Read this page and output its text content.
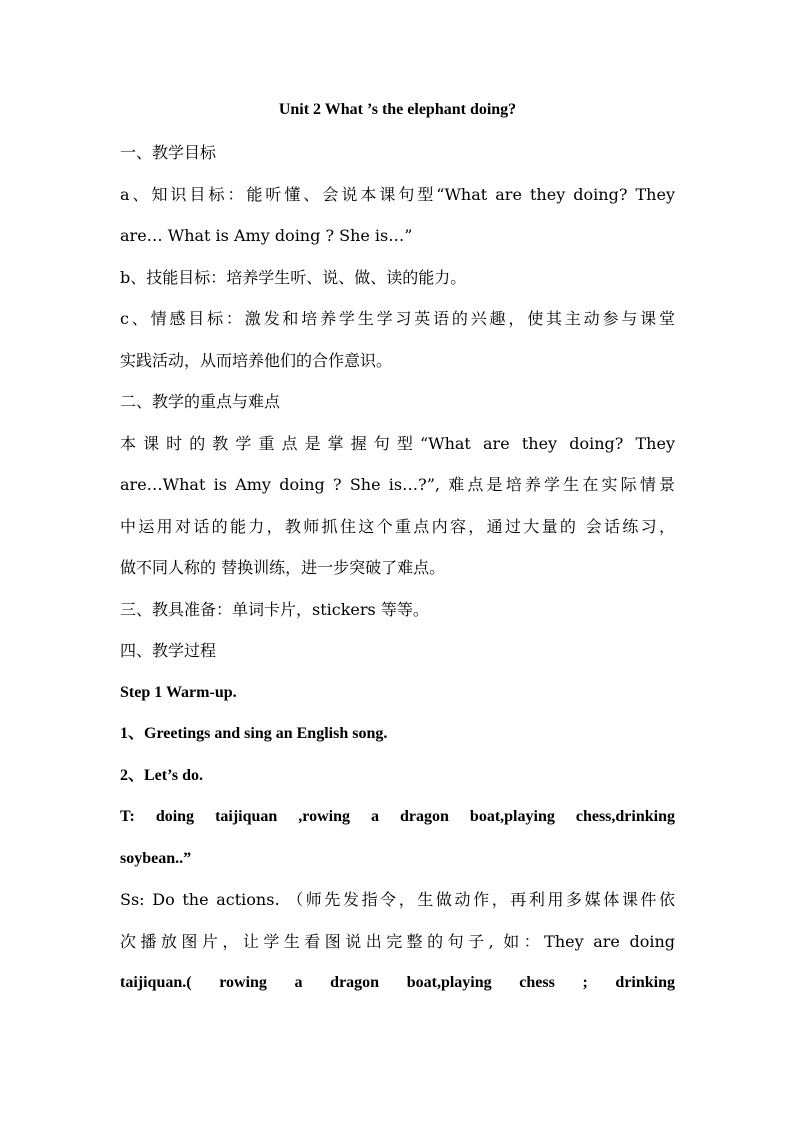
Unit 2 What ’s the elephant doing?

一、教学目标

a、知识目标：能听懂、会说本课句型“What are they doing? They

are… What is Amy doing ? She is…”

b、技能目标：培养学生听、说、做、读的能力。

c、情感目标：激发和培养学生学习英语的兴趣，使其主动参与课堂

实践活动，从而培养他们的合作意识。

二、教学的重点与难点

本课时的教学重点是掌握句型“What are they doing? They

are…What is Amy doing ? She is…?”, 难点是培养学生在实际情景

中运用对话的能力，教师抓住这个重点内容，通过大量的 会话练习，

做不同人称的 替换训练，进一步突破了难点。

三、教具准备：单词卡片，stickers 等等。

四、教学过程

Step 1 Warm-up.

1、Greetings and sing an English song.

2、Let’s do.

T: doing taijiquan ,rowing a dragon boat,playing chess,drinking

soybean..”

Ss: Do the actions. （师先发指令，生做动作，再利用多媒体课件依

次播放图片，让学生看图说出完整的句子, 如：They are doing

taijiquan.( rowing a dragon boat,playing chess ; drinking
